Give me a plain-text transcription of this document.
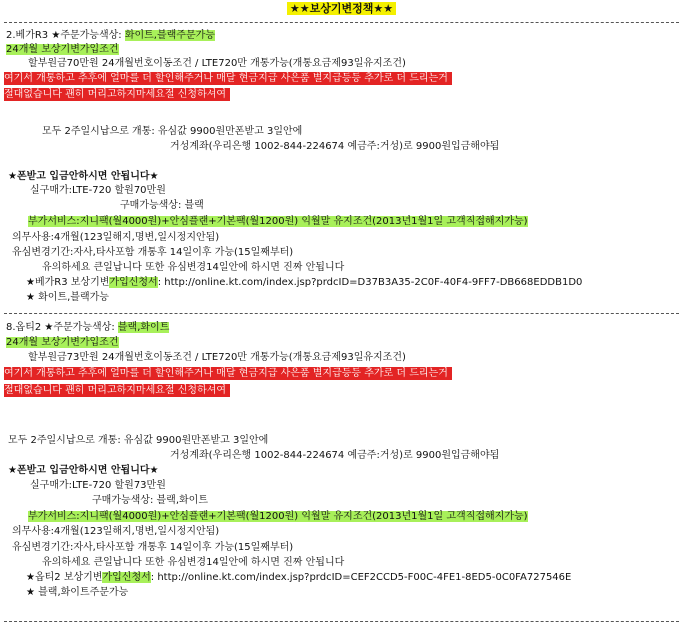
★★보상기변정책★★
2.베가R3 ★주문가능색상: 화이트,블랙주문가능
24개월 보상기변가입조건
할부원금70만원 24개월번호이동조건 / LTE720만 개통가능(개통요금제93일유지조건)
여기서 개통하고 추후에 얼마를 더 할인해주거나 매달 현금지급 사은품 별지급등등 추가로 더 드리는거
절대없습니다 괜히 머리고하지마세요절 신청하셔여
모두 2주일시납으로 개통: 유심값 9900원만폰받고 3일안에
거성계좌(우리은행 1002-844-224674 예금주:거성)로 9900원입금해야됨
★폰받고 입금안하시면 안됩니다★
실구매가:LTE-720 할원70만원
구매가능색상: 블랙
부가서비스:지니팩(월4000원)+안심플랜+기본팩(월1200원) 익월말 유지조건(2013년1월1일 고객직접해지가능)
의무사용:4개월(123일해지,명변,일시정지안됨)
유심변경기간:자사,타사포함 개통후 14일이후 가능(15일째부터)
유의하세요 큰일납니다 또한 유심변경14일안에 하시면 진짜 안됩니다
★베가R3 보상기변가입신청서: http://online.kt.com/index.jsp?prdcID=D37B3A35-2C0F-40F4-9FF7-DB668EDDB1D0
★ 화이트,블랙가능
8.옵티2 ★주문가능색상: 블랙,화이트
24개월 보상기변가입조건
할부원금73만원 24개월번호이동조건 / LTE720만 개통가능(개통요금제93일유지조건)
여기서 개통하고 추후에 얼마를 더 할인해주거나 매달 현금지급 사은품 별지급등등 추가로 더 드리는거
절대없습니다 괜히 머리고하지마세요절 신청하셔여
모두 2주일시납으로 개통: 유심값 9900원만폰받고 3일안에
거성계좌(우리은행 1002-844-224674 예금주:거성)로 9900원입금해야됨
★폰받고 입금안하시면 안됩니다★
실구매가:LTE-720 할원73만원
구매가능색상: 블랙,화이트
부가서비스:지니팩(월4000원)+안심플랜+기본팩(월1200원) 익월말 유지조건(2013년1월1일 고객직접해지가능)
의무사용:4개월(123일해지,명변,일시정지안됨)
유심변경기간:자사,타사포함 개통후 14일이후 가능(15일째부터)
유의하세요 큰일납니다 또한 유심변경14일안에 하시면 진짜 안됩니다
★옵티2 보상기변가입신청서: http://online.kt.com/index.jsp?prdcID=CEF2CCD5-F00C-4FE1-8ED5-0C0FA727546E
★ 블랙,화이트주문가능
